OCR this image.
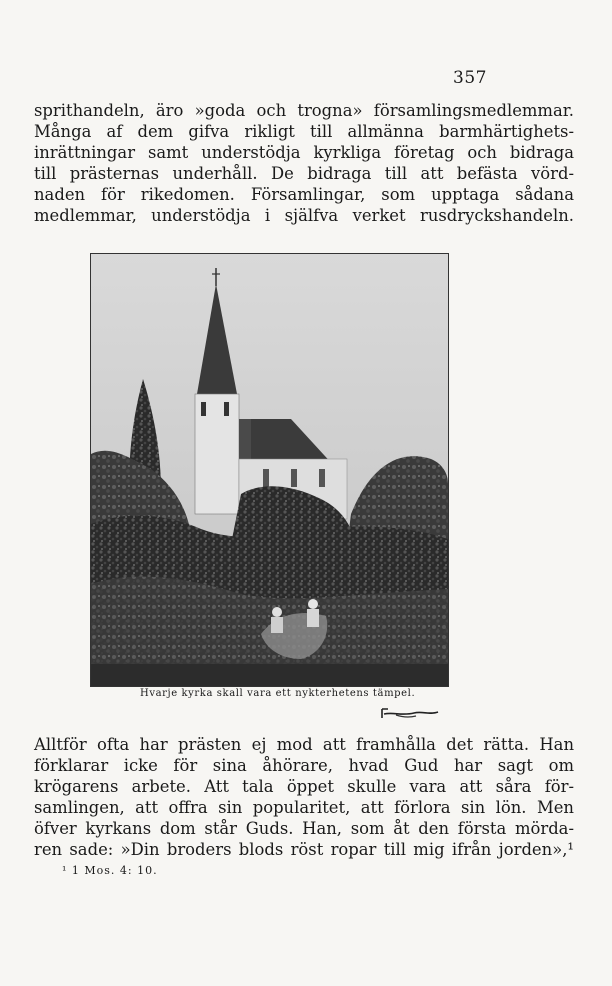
357

sprithandeln, äro »goda och trogna» församlingsmedlemmar.
Många af dem gifva rikligt till allmänna barmhärtighets-
inrättningar samt understödja kyrkliga företag och bidraga
till prästernas underhåll. De bidraga till att befästa vörd-
naden för rikedomen. Församlingar, som upptaga sådana
medlemmar, understödja i själfva verket rusdryckshandeln.

Hvarje kyrka skall vara ett nykterhetens tämpel.

Alltför ofta har prästen ej mod att framhålla det rätta. Han
förklarar icke för sina åhörare, hvad Gud har sagt om
krögarens arbete. Att tala öppet skulle vara att såra för-
samlingen, att offra sin popularitet, att förlora sin lön. Men
öfver kyrkans dom står Guds. Han, som åt den första mörda-
ren sade: »Din broders blods röst ropar till mig ifrån jorden»,¹

¹ 1 Mos. 4: 10.
